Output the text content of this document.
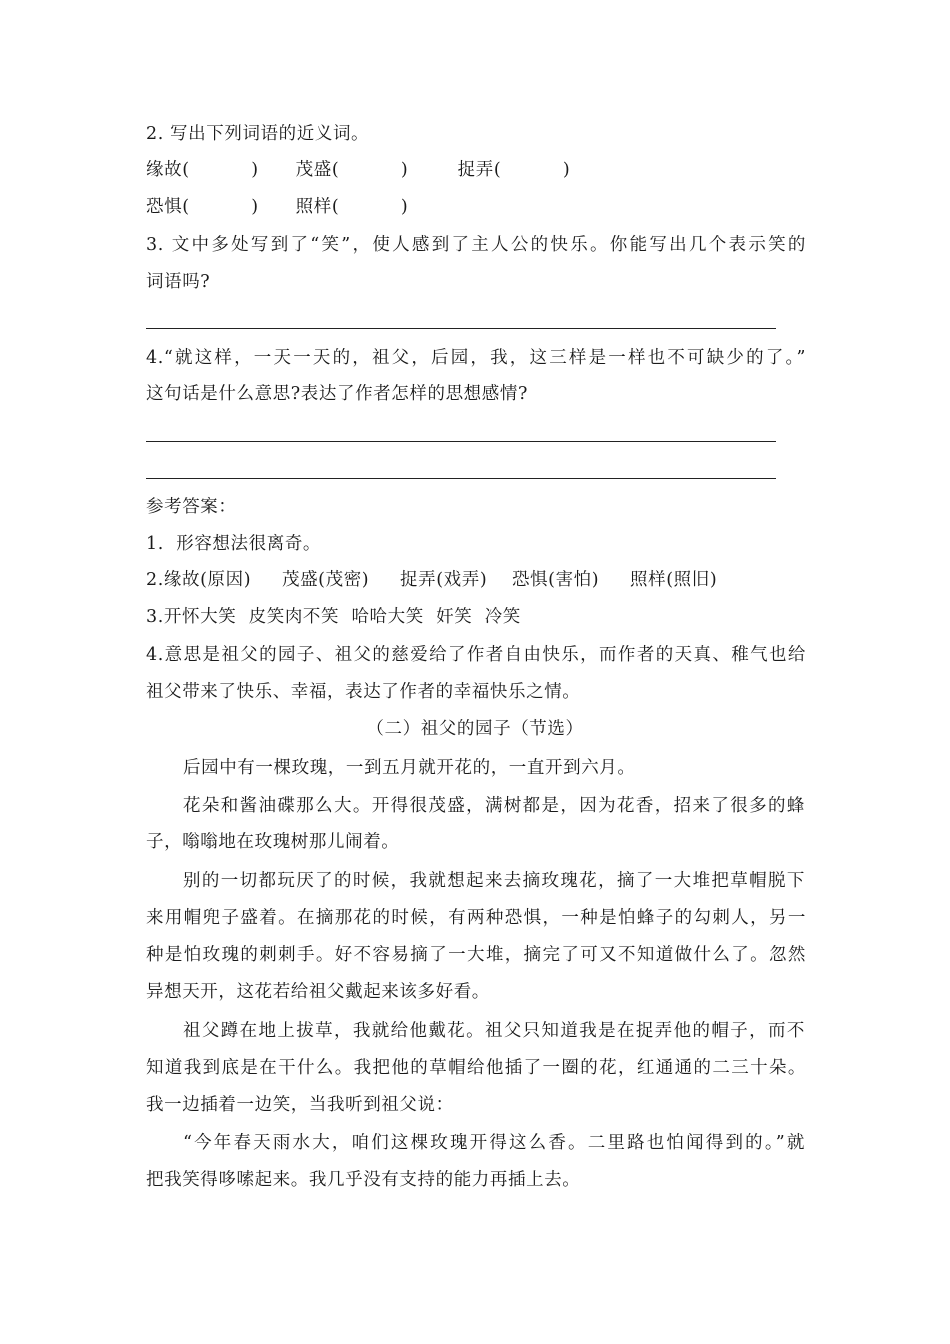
2. 写出下列词语的近义词。
缘故(          )      茂盛(          )        捉弄(          )
恐惧(          )      照样(          )
3. 文中多处写到了“笑”，使人感到了主人公的快乐。你能写出几个表示笑的
词语吗?
4.“就这样，一天一天的，祖父，后园，我，这三样是一样也不可缺少的了。”
这句话是什么意思?表达了作者怎样的思想感情?
参考答案：
1.  形容想法很离奇。
2.缘故(原因)     茂盛(茂密)     捉弄(戏弄)    恐惧(害怕)     照样(照旧)
3.开怀大笑  皮笑肉不笑  哈哈大笑  奸笑  冷笑
4.意思是祖父的园子、祖父的慈爱给了作者自由快乐，而作者的天真、稚气也给
祖父带来了快乐、幸福，表达了作者的幸福快乐之情。
（二）祖父的园子（节选）
后园中有一棵玫瑰，一到五月就开花的，一直开到六月。
花朵和酱油碟那么大。开得很茂盛，满树都是，因为花香，招来了很多的蜂
子，嗡嗡地在玫瑰树那儿闹着。
别的一切都玩厌了的时候，我就想起来去摘玫瑰花，摘了一大堆把草帽脱下
来用帽兜子盛着。在摘那花的时候，有两种恐惧，一种是怕蜂子的勾刺人，另一
种是怕玫瑰的刺刺手。好不容易摘了一大堆，摘完了可又不知道做什么了。忽然
异想天开，这花若给祖父戴起来该多好看。
祖父蹲在地上拔草，我就给他戴花。祖父只知道我是在捉弄他的帽子，而不
知道我到底是在干什么。我把他的草帽给他插了一圈的花，红通通的二三十朵。
我一边插着一边笑，当我听到祖父说：
“今年春天雨水大，咱们这棵玫瑰开得这么香。二里路也怕闻得到的。”就
把我笑得哆嗦起来。我几乎没有支持的能力再插上去。
